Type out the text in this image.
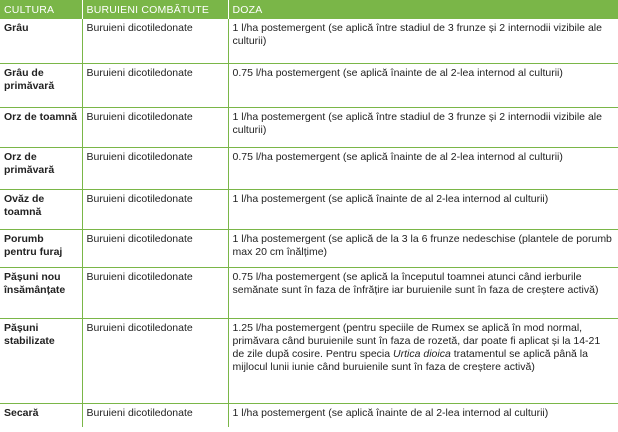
CULTURA	BURUIENI COMBĂTUTE	DOZA
Grâu	Buruieni dicotiledonate	1 l/ha postemergent (se aplică între stadiul de 3 frunze și 2 internodii vizibile ale culturii)
Grâu de primăvară	Buruieni dicotiledonate	0.75 l/ha postemergent (se aplică înainte de al 2-lea internod al culturii)
Orz de toamnă	Buruieni dicotiledonate	1 l/ha postemergent (se aplică între stadiul de 3 frunze și 2 internodii vizibile ale culturii)
Orz de primăvară	Buruieni dicotiledonate	0.75 l/ha postemergent (se aplică înainte de al 2-lea internod al culturii)
Ovăz de toamnă	Buruieni dicotiledonate	1 l/ha postemergent (se aplică înainte de al 2-lea internod al culturii)
Porumb pentru furaj	Buruieni dicotiledonate	1 l/ha postemergent (se aplică de la 3 la 6 frunze nedeschise (plantele de porumb max 20 cm înălțime)
Pășuni nou însămânțate	Buruieni dicotiledonate	0.75 l/ha postemergent (se aplică la începutul toamnei atunci când ierburile semănate sunt în faza de înfrățire iar buruienile sunt în faza de creștere activă)
Pășuni stabilizate	Buruieni dicotiledonate	1.25 l/ha postemergent (pentru speciile de Rumex se aplică în mod normal, primăvara când buruienile sunt în faza de rozetă, dar poate fi aplicat și la 14-21 de zile după cosire. Pentru specia Urtica dioica tratamentul se aplică până la mijlocul lunii iunie când buruienile sunt în faza de creștere activă)
Secară	Buruieni dicotiledonate	1 l/ha postemergent (se aplică înainte de al 2-lea internod al culturii)
